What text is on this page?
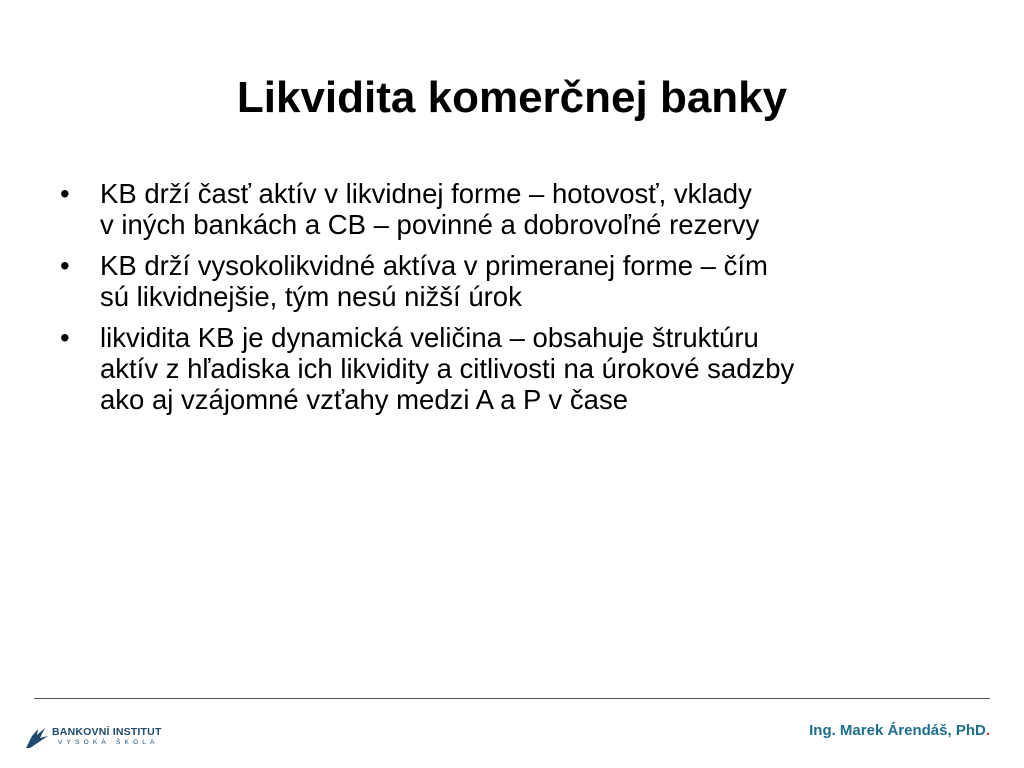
Likvidita komerčnej banky
• KB drží časť aktív v likvidnej forme – hotovosť, vklady
v iných bankách a CB – povinné a dobrovoľné rezervy
• KB drží vysokolikvidné aktíva v primeranej forme – čím
sú likvidnejšie, tým nesú nižší úrok
• likvidita KB je dynamická veličina – obsahuje štruktúru
aktív z hľadiska ich likvidity a citlivosti na úrokové sadzby
ako aj vzájomné vzťahy medzi A a P v čase
BANKOVNÍ INSTITUT
VYSOKÁ ŠKOLA
Ing. Marek Árendáš, PhD.
